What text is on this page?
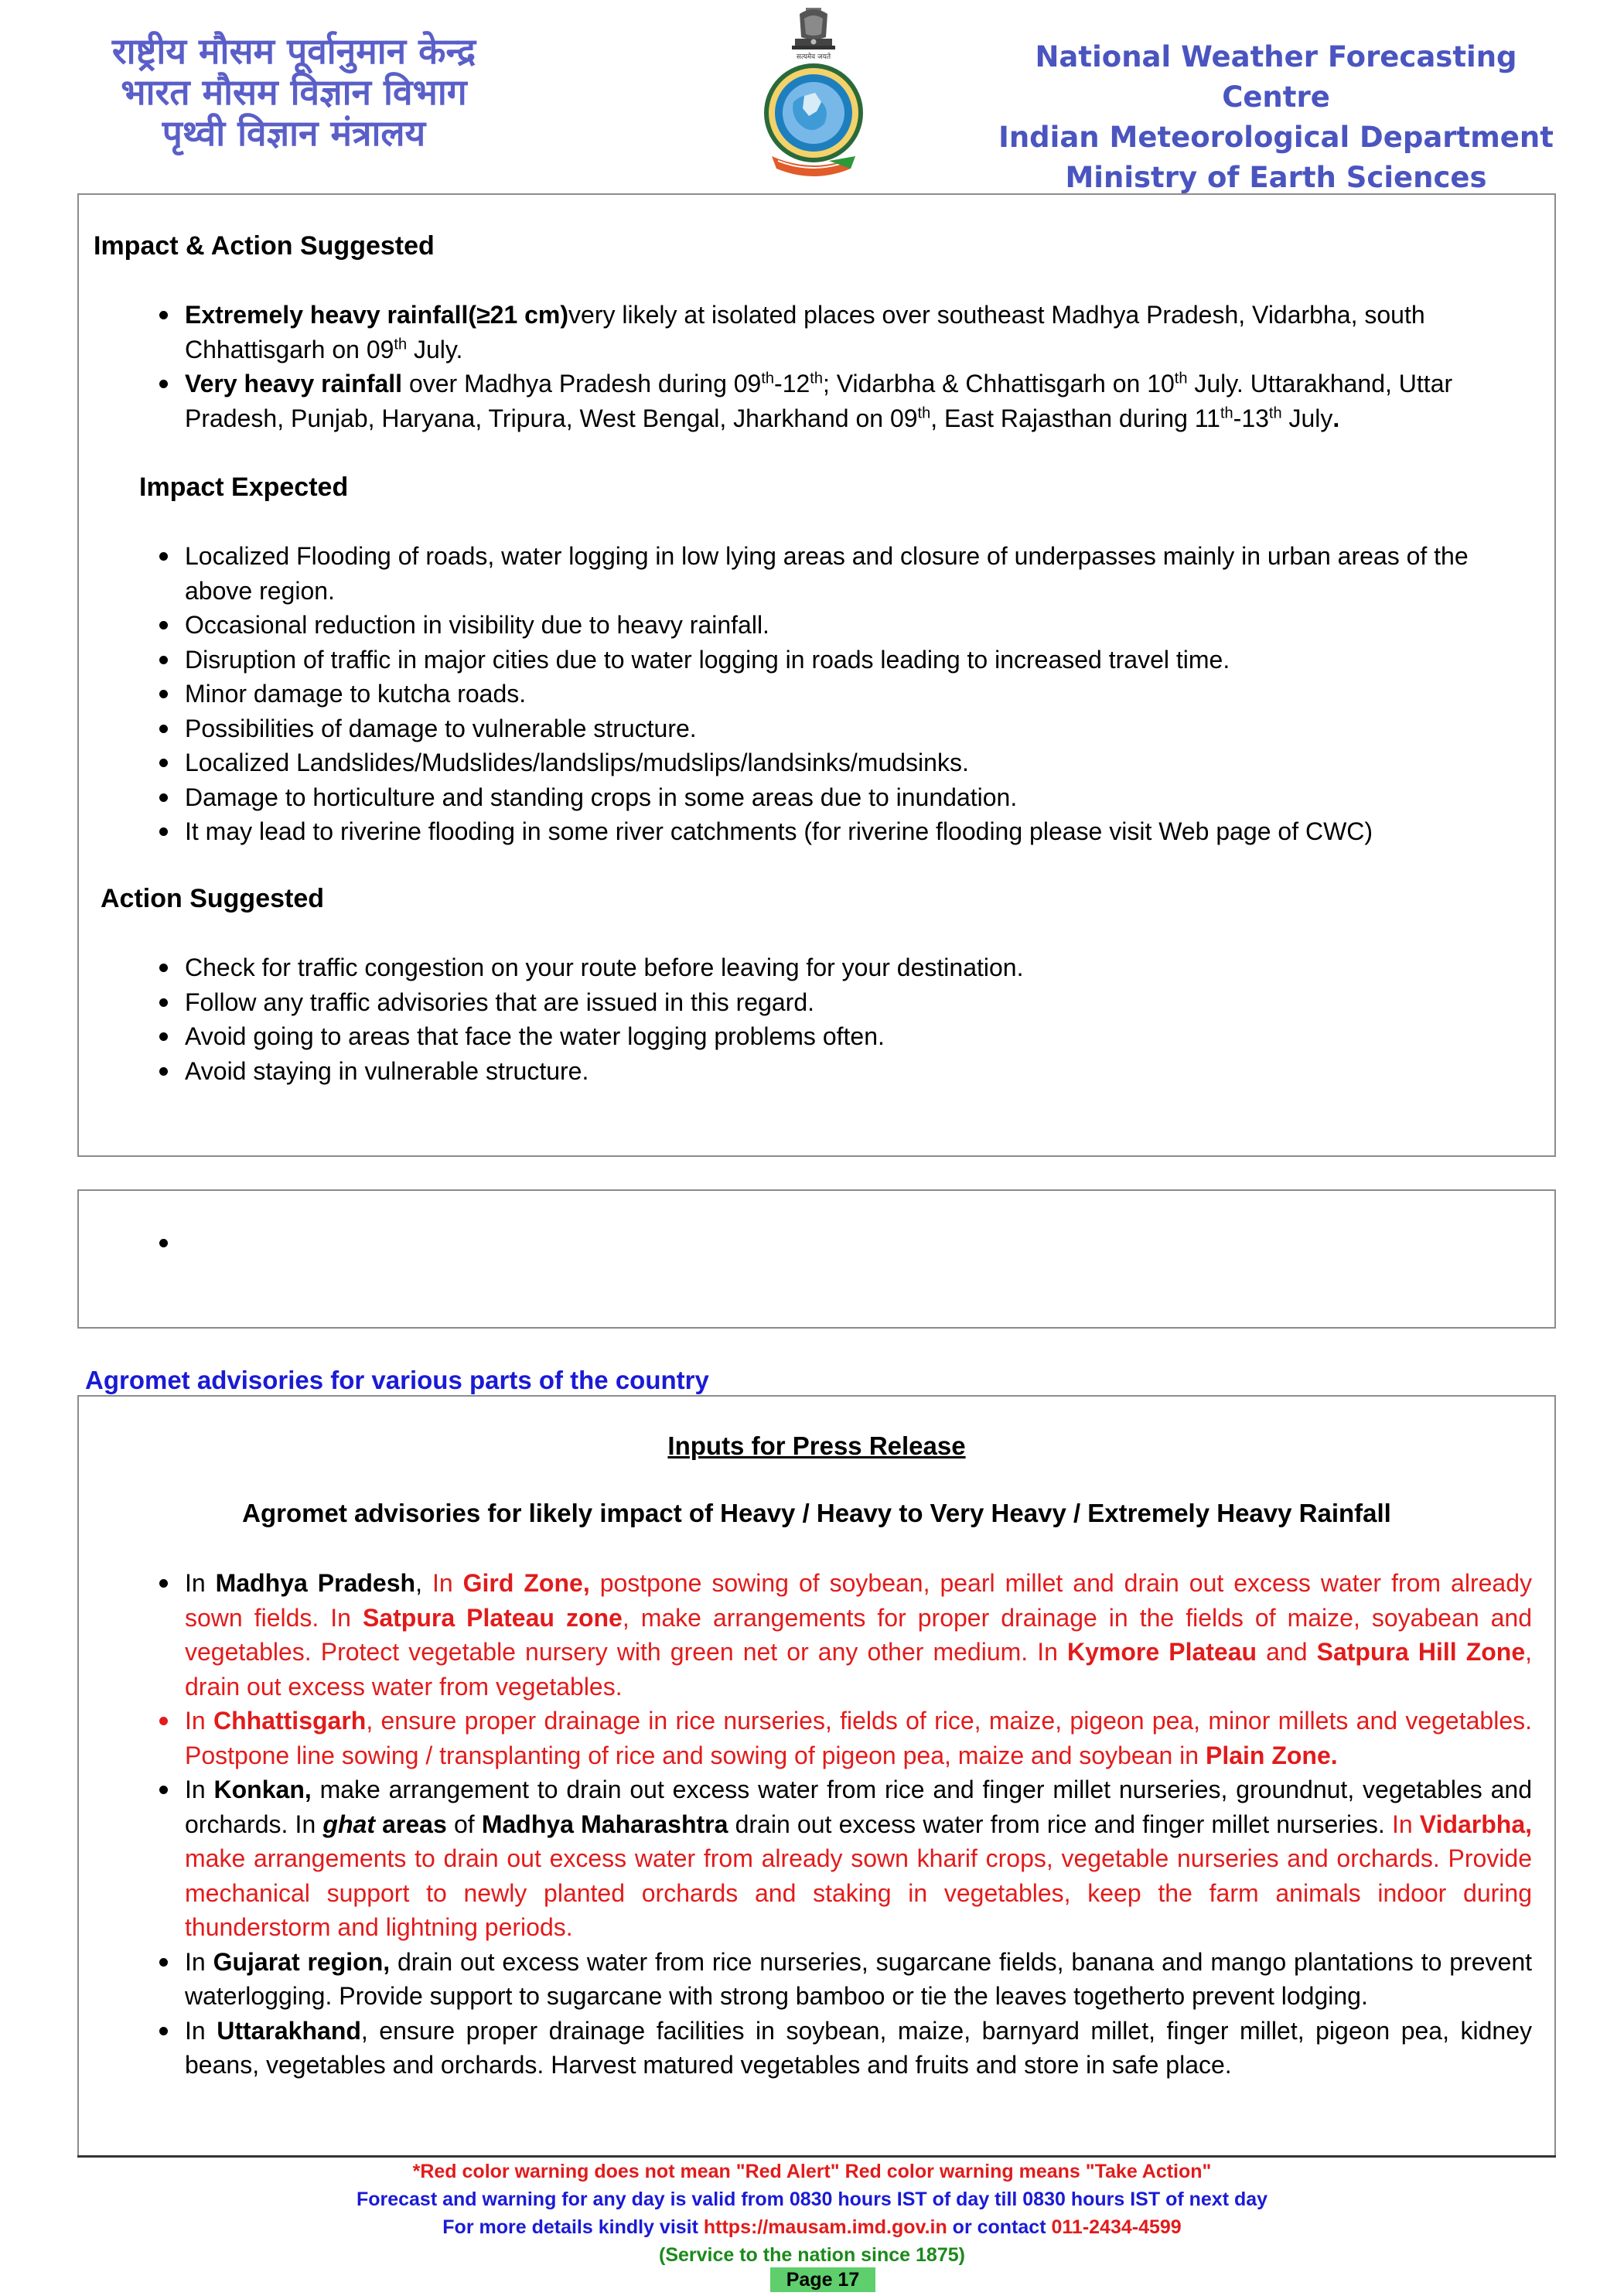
राष्ट्रीय मौसम पूर्वानुमान केन्द्र
भारत मौसम विज्ञान विभाग
पृथ्वी विज्ञान मंत्रालय
सत्यमेव जयते	National Weather Forecasting Centre
Indian Meteorological Department
Ministry of Earth Sciences
Impact & Action Suggested
Extremely heavy rainfall(≥21 cm)very likely at isolated places over southeast Madhya Pradesh, Vidarbha, south Chhattisgarh on 09th July.
Very heavy rainfall over Madhya Pradesh during 09th-12th; Vidarbha & Chhattisgarh on 10th July. Uttarakhand, Uttar Pradesh, Punjab, Haryana, Tripura, West Bengal, Jharkhand on 09th, East Rajasthan during 11th-13th July.
Impact Expected
Localized Flooding of roads, water logging in low lying areas and closure of underpasses mainly in urban areas of the above region.
Occasional reduction in visibility due to heavy rainfall.
Disruption of traffic in major cities due to water logging in roads leading to increased travel time.
Minor damage to kutcha roads.
Possibilities of damage to vulnerable structure.
Localized Landslides/Mudslides/landslips/mudslips/landsinks/mudsinks.
Damage to horticulture and standing crops in some areas due to inundation.
It may lead to riverine flooding in some river catchments (for riverine flooding please visit Web page of CWC)
Action Suggested
Check for traffic congestion on your route before leaving for your destination.
Follow any traffic advisories that are issued in this regard.
Avoid going to areas that face the water logging problems often.
Avoid staying in vulnerable structure.
Agromet advisories for various parts of the country
Inputs for Press Release
Agromet advisories for likely impact of Heavy / Heavy to Very Heavy / Extremely Heavy Rainfall
In Madhya Pradesh, In Gird Zone, postpone sowing of soybean, pearl millet and drain out excess water from already sown fields. In Satpura Plateau zone, make arrangements for proper drainage in the fields of maize, soyabean and vegetables. Protect vegetable nursery with green net or any other medium. In Kymore Plateau and Satpura Hill Zone, drain out excess water from vegetables.
In Chhattisgarh, ensure proper drainage in rice nurseries, fields of rice, maize, pigeon pea, minor millets and vegetables. Postpone line sowing / transplanting of rice and sowing of pigeon pea, maize and soybean in Plain Zone.
In Konkan, make arrangement to drain out excess water from rice and finger millet nurseries, groundnut, vegetables and orchards. In ghat areas of Madhya Maharashtra drain out excess water from rice and finger millet nurseries. In Vidarbha, make arrangements to drain out excess water from already sown kharif crops, vegetable nurseries and orchards. Provide mechanical support to newly planted orchards and staking in vegetables, keep the farm animals indoor during thunderstorm and lightning periods.
In Gujarat region, drain out excess water from rice nurseries, sugarcane fields, banana and mango plantations to prevent waterlogging. Provide support to sugarcane with strong bamboo or tie the leaves togetherto prevent lodging.
In Uttarakhand, ensure proper drainage facilities in soybean, maize, barnyard millet, finger millet, pigeon pea, kidney beans, vegetables and orchards. Harvest matured vegetables and fruits and store in safe place.
*Red color warning does not mean "Red Alert" Red color warning means "Take Action"
Forecast and warning for any day is valid from 0830 hours IST of day till 0830 hours IST of next day
For more details kindly visit https://mausam.imd.gov.in or contact 011-2434-4599
(Service to the nation since 1875)
Page 17
